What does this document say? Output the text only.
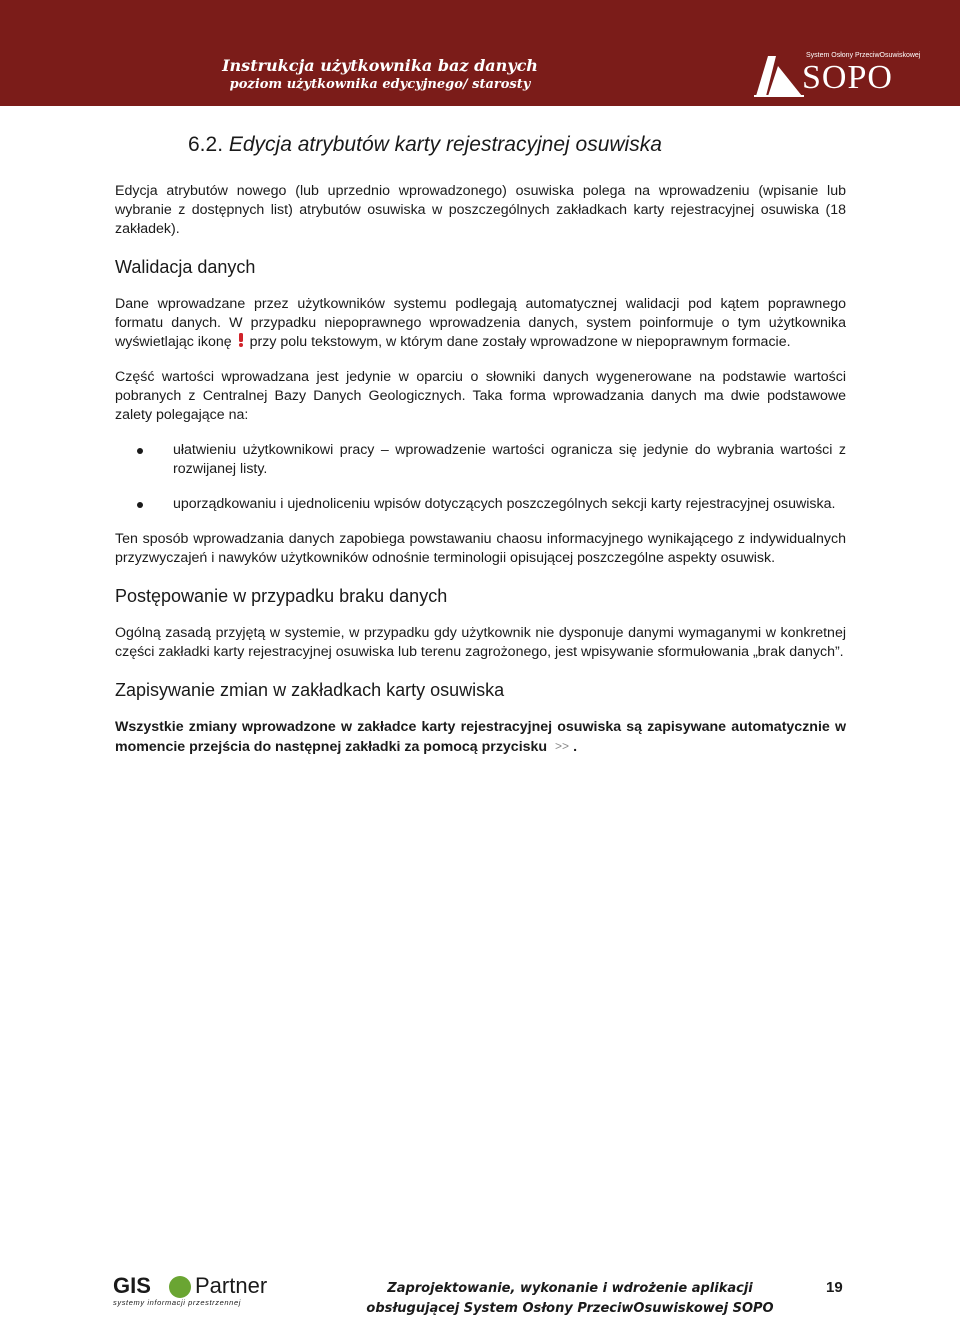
Instrukcja użytkownika baz danych
poziom użytkownika edycyjnego/ starosty
System Osłony PrzeciwOsuwiskowej
SOPO
6.2. Edycja atrybutów karty rejestracyjnej osuwiska

Edycja atrybutów nowego (lub uprzednio wprowadzonego) osuwiska polega na wprowadzeniu (wpisanie lub wybranie z dostępnych list) atrybutów osuwiska w poszczególnych zakładkach karty rejestracyjnej osuwiska (18 zakładek).

Walidacja danych

Dane wprowadzane przez użytkowników systemu podlegają automatycznej walidacji pod kątem poprawnego formatu danych. W przypadku niepoprawnego wprowadzenia danych, system poinformuje o tym użytkownika wyświetlając ikonę  przy polu tekstowym, w którym dane zostały wprowadzone w niepoprawnym formacie.

Część wartości wprowadzana jest jedynie w oparciu o słowniki danych wygenerowane na podstawie wartości pobranych z Centralnej Bazy Danych Geologicznych. Taka forma wprowadzania danych ma dwie podstawowe zalety polegające na:

ułatwieniu użytkownikowi pracy – wprowadzenie wartości ogranicza się jedynie do wybrania wartości z rozwijanej listy.
uporządkowaniu i ujednoliceniu wpisów dotyczących poszczególnych sekcji karty rejestracyjnej osuwiska.

Ten sposób wprowadzania danych zapobiega powstawaniu chaosu informacyjnego wynikającego z indywidualnych przyzwyczajeń i nawyków użytkowników odnośnie terminologii opisującej poszczególne aspekty osuwisk.

Postępowanie w przypadku braku danych

Ogólną zasadą przyjętą w systemie, w przypadku gdy użytkownik nie dysponuje danymi wymaganymi w konkretnej części zakładki karty rejestracyjnej osuwiska lub terenu zagrożonego, jest wpisywanie sformułowania „brak danych”.

Zapisywanie zmian w zakładkach karty osuwiska

Wszystkie zmiany wprowadzone w zakładce karty rejestracyjnej osuwiska są zapisywane automatycznie w momencie przejścia do następnej zakładki za pomocą przycisku >> .

GIS Partner
systemy informacji przestrzennej
Zaprojektowanie, wykonanie i wdrożenie aplikacji
obsługującej System Osłony PrzeciwOsuwiskowej SOPO
19
